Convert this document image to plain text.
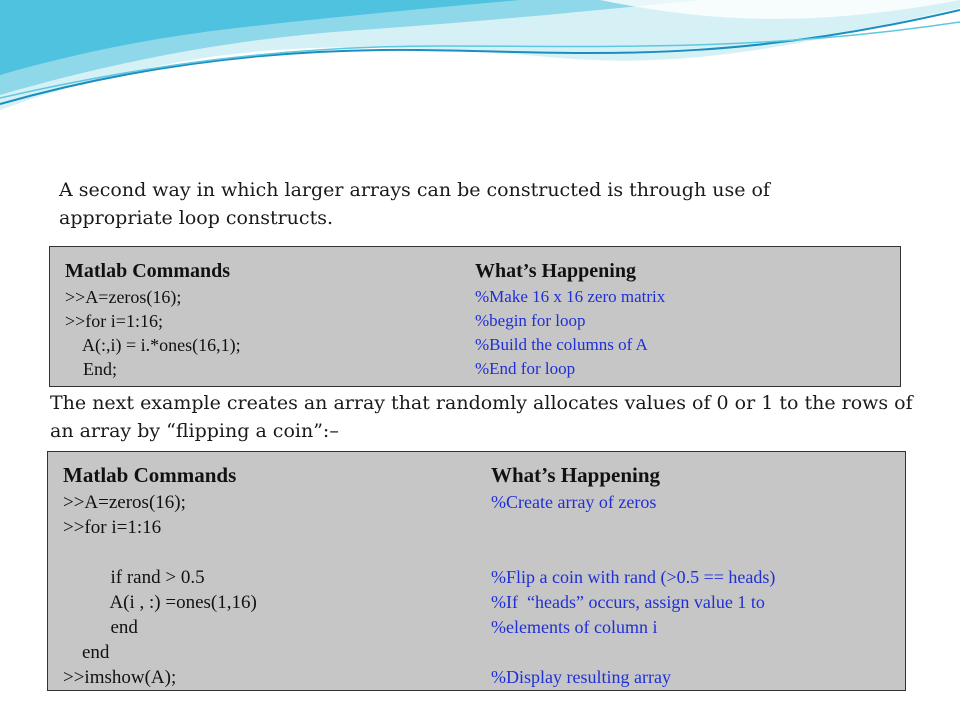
A second way in which larger arrays can be constructed is through use of appropriate loop constructs.

Matlab Commands
>>A=zeros(16);
>>for i=1:16;
A(:,i) = i.*ones(16,1);
End;
What’s Happening
%Make 16 x 16 zero matrix
%begin for loop
%Build the columns of A
%End for loop

The next example creates an array that randomly allocates values of 0 or 1 to the rows of an array by “flipping a coin”:–

Matlab Commands
>>A=zeros(16);
>>for i=1:16
if rand > 0.5
A(i , :) =ones(1,16)
end
end
>>imshow(A);
What’s Happening
%Create array of zeros
%Flip a coin with rand (>0.5 == heads)
%If  “heads” occurs, assign value 1 to
%elements of column i
%Display resulting array
